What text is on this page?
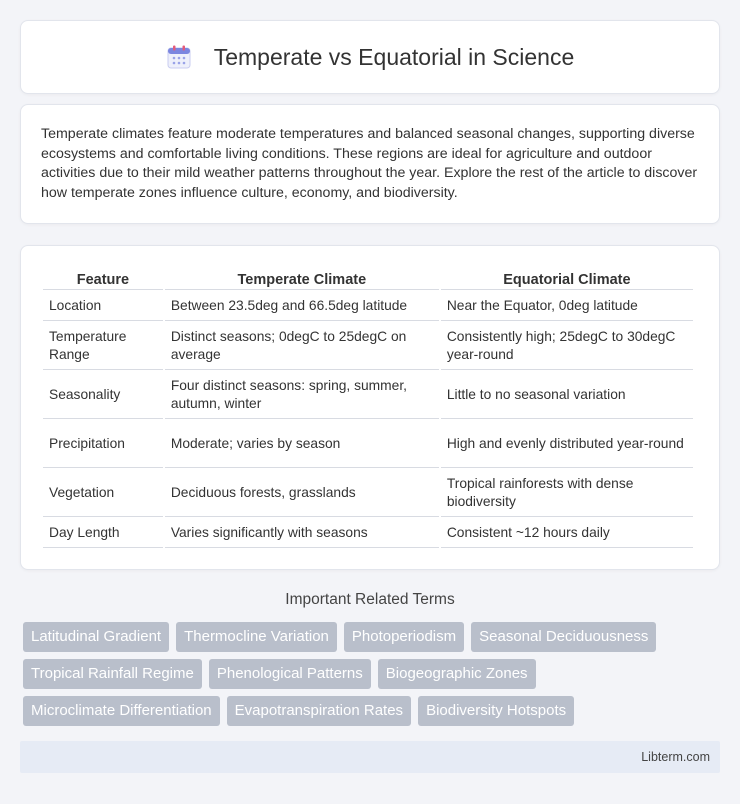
Temperate vs Equatorial in Science

Temperate climates feature moderate temperatures and balanced seasonal changes, supporting diverse ecosystems and comfortable living conditions. These regions are ideal for agriculture and outdoor activities due to their mild weather patterns throughout the year. Explore the rest of the article to discover how temperate zones influence culture, economy, and biodiversity.

Feature	Temperate Climate	Equatorial Climate
Location	Between 23.5deg and 66.5deg latitude	Near the Equator, 0deg latitude
Temperature Range	Distinct seasons; 0degC to 25degC on average	Consistently high; 25degC to 30degC year-round
Seasonality	Four distinct seasons: spring, summer, autumn, winter	Little to no seasonal variation
Precipitation	Moderate; varies by season	High and evenly distributed year-round
Vegetation	Deciduous forests, grasslands	Tropical rainforests with dense biodiversity
Day Length	Varies significantly with seasons	Consistent ~12 hours daily
Important Related Terms
Latitudinal Gradient	Thermocline Variation	Photoperiodism	Seasonal Deciduousness
Tropical Rainfall Regime	Phenological Patterns	Biogeographic Zones
Microclimate Differentiation	Evapotranspiration Rates	Biodiversity Hotspots
Libterm.com
